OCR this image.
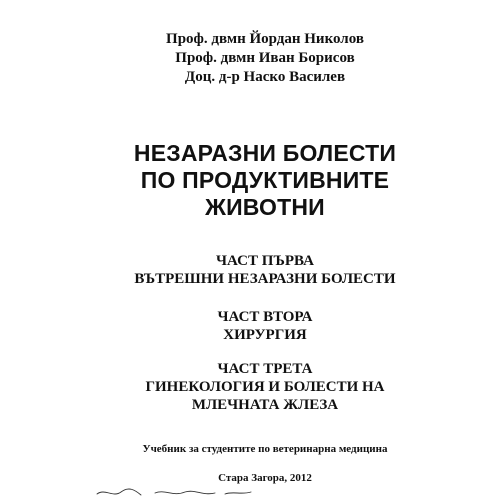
Проф. двмн Йордан Николов
Проф. двмн Иван Борисов
Доц. д-р Наско Василев
НЕЗАРАЗНИ БОЛЕСТИ
ПО ПРОДУКТИВНИТЕ
ЖИВОТНИ
ЧАСТ ПЪРВА
ВЪТРЕШНИ НЕЗАРАЗНИ БОЛЕСТИ
ЧАСТ ВТОРА
ХИРУРГИЯ
ЧАСТ ТРЕТА
ГИНЕКОЛОГИЯ И БОЛЕСТИ НА
МЛЕЧНАТА ЖЛЕЗА
Учебник за студентите по ветеринарна медицина
Стара Загора, 2012
